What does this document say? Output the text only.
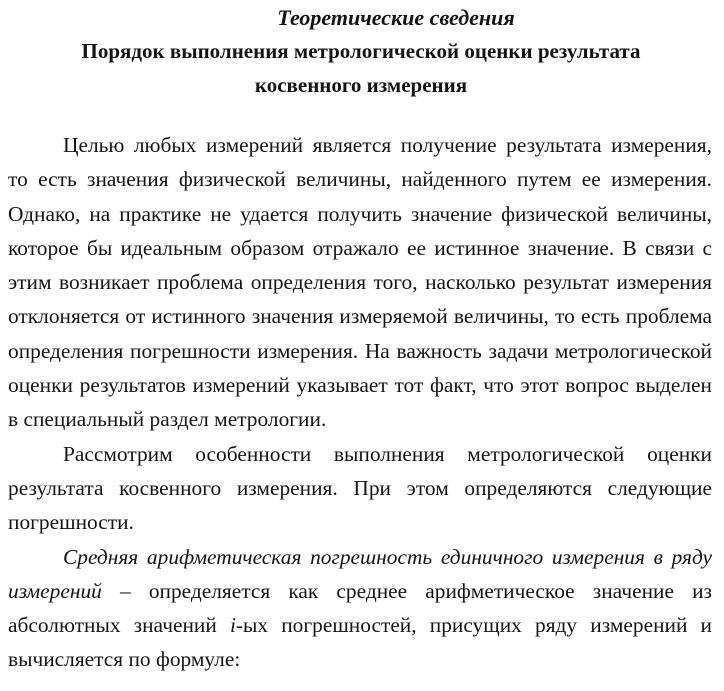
Теоретические сведения
Порядок выполнения метрологической оценки результата косвенного измерения

Целью любых измерений является получение результата измерения, то есть значения физической величины, найденного путем ее измерения. Однако, на практике не удается получить значение физической величины, которое бы идеальным образом отражало ее истинное значение. В связи с этим возникает проблема определения того, насколько результат измерения отклоняется от истинного значения измеряемой величины, то есть проблема определения погрешности измерения. На важность задачи метрологической оценки результатов измерений указывает тот факт, что этот вопрос выделен в специальный раздел метрологии.

Рассмотрим особенности выполнения метрологической оценки результата косвенного измерения. При этом определяются следующие погрешности.

Средняя арифметическая погрешность единичного измерения в ряду измерений – определяется как среднее арифметическое значение из абсолютных значений i-ых погрешностей, присущих ряду измерений и вычисляется по формуле:
